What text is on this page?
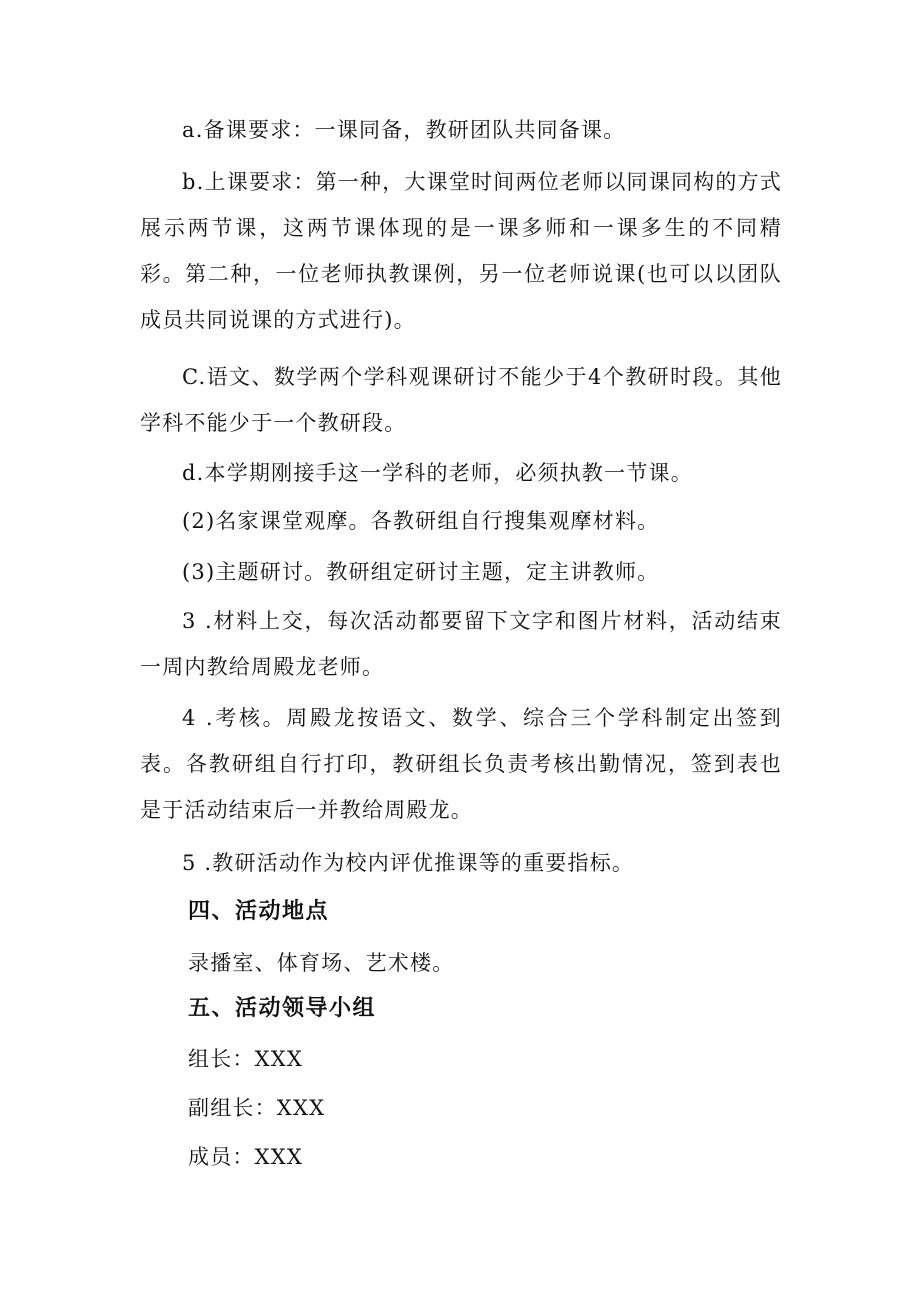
a.备课要求：一课同备，教研团队共同备课。

b.上课要求：第一种，大课堂时间两位老师以同课同构的方式展示两节课，这两节课体现的是一课多师和一课多生的不同精彩。第二种，一位老师执教课例，另一位老师说课(也可以以团队成员共同说课的方式进行)。

C.语文、数学两个学科观课研讨不能少于4个教研时段。其他学科不能少于一个教研段。

d.本学期刚接手这一学科的老师，必须执教一节课。

(2)名家课堂观摩。各教研组自行搜集观摩材料。

(3)主题研讨。教研组定研讨主题，定主讲教师。

3 .材料上交，每次活动都要留下文字和图片材料，活动结束一周内教给周殿龙老师。

4 .考核。周殿龙按语文、数学、综合三个学科制定出签到表。各教研组自行打印，教研组长负责考核出勤情况，签到表也是于活动结束后一并教给周殿龙。

5 .教研活动作为校内评优推课等的重要指标。

四、活动地点

录播室、体育场、艺术楼。

五、活动领导小组

组长：XXX

副组长：XXX

成员：XXX
